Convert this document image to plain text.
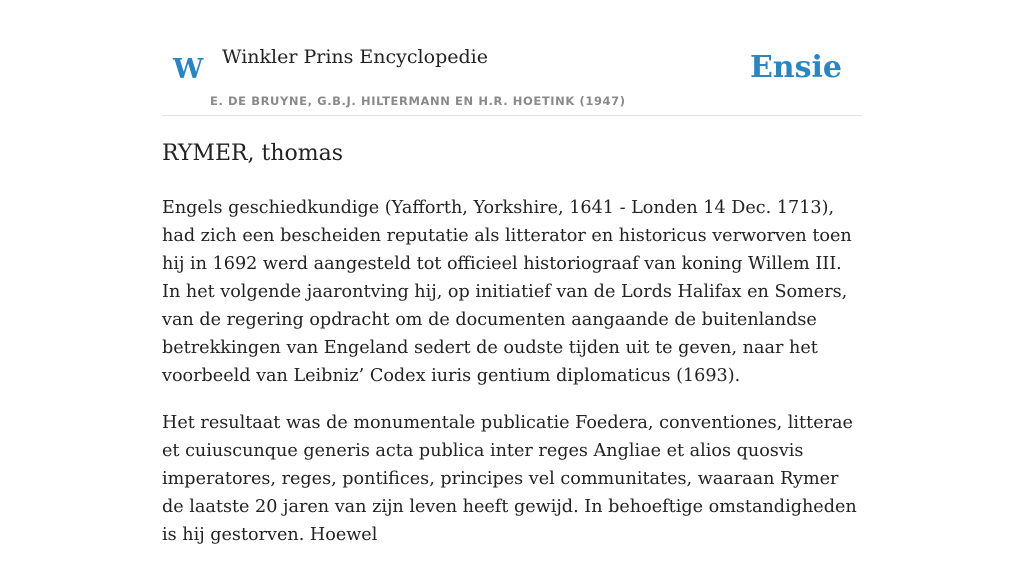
W Winkler Prins Encyclopedie
E. DE BRUYNE, G.B.J. HILTERMANN EN H.R. HOETINK (1947)
Ensie
RYMER, thomas

Engels geschiedkundige (Yafforth, Yorkshire, 1641 - Londen 14 Dec. 1713), had zich een bescheiden reputatie als litterator en historicus verworven toen hij in 1692 werd aangesteld tot officieel historiograaf van koning Willem III. In het volgende jaarontving hij, op initiatief van de Lords Halifax en Somers, van de regering opdracht om de documenten aangaande de buitenlandse betrekkingen van Engeland sedert de oudste tijden uit te geven, naar het voorbeeld van Leibniz’ Codex iuris gentium diplomaticus (1693).

Het resultaat was de monumentale publicatie Foedera, conventiones, litterae et cuiuscunque generis acta publica inter reges Angliae et alios quosvis imperatores, reges, pontifices, principes vel communitates, waaraan Rymer de laatste 20 jaren van zijn leven heeft gewijd. In behoeftige omstandigheden is hij gestorven. Hoewel
